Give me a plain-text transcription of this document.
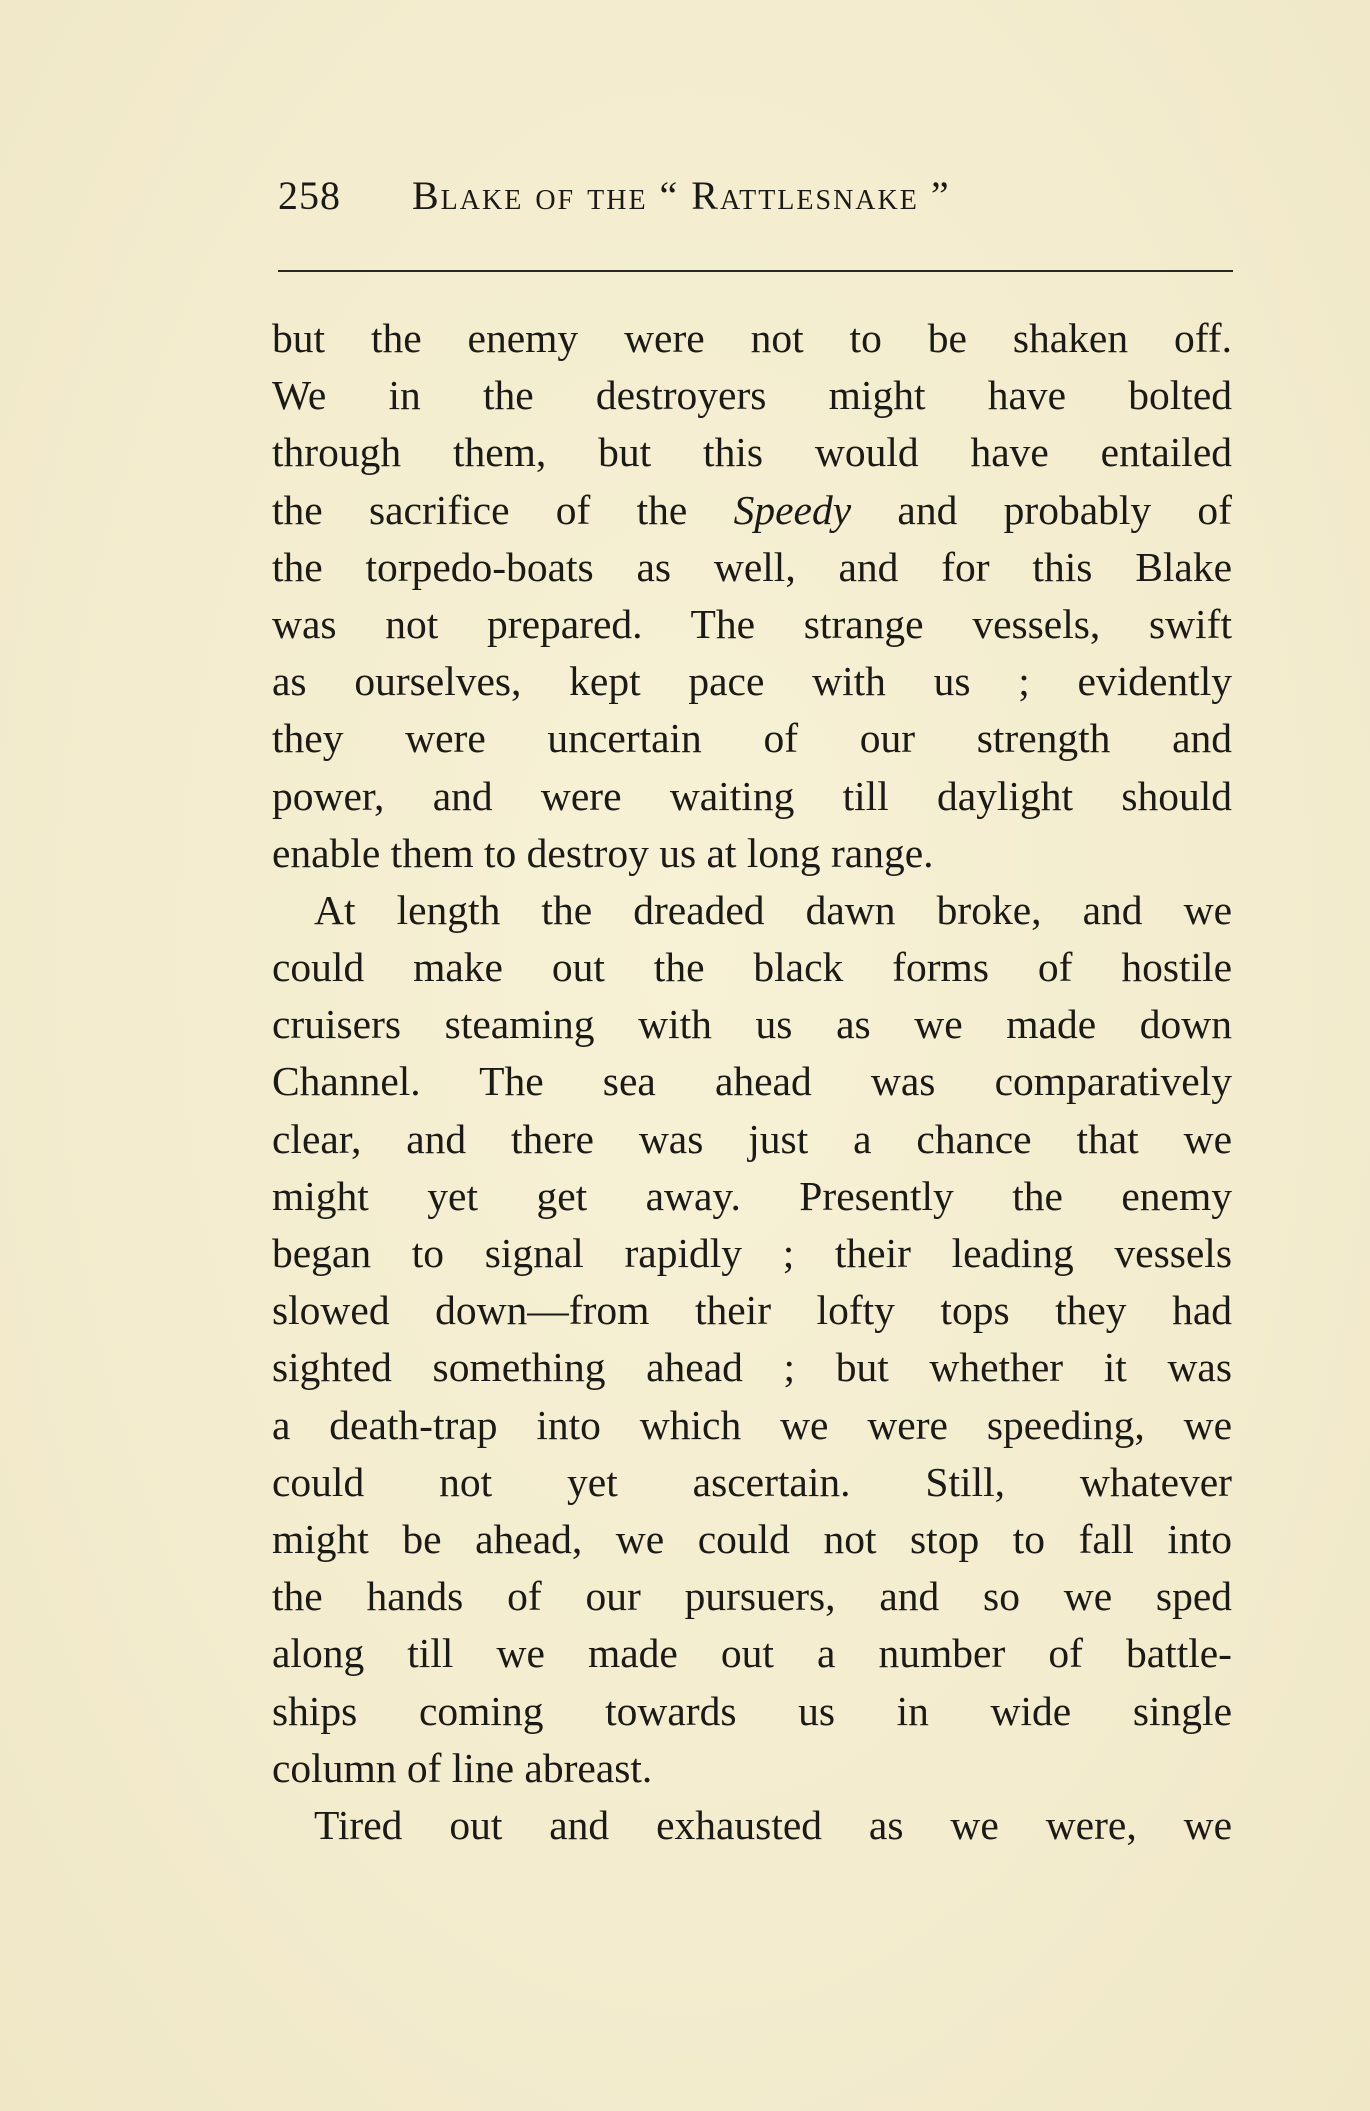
258 Blake of the “ Rattlesnake ”
but the enemy were not to be shaken off.
We in the destroyers might have bolted
through them, but this would have entailed
the sacrifice of the Speedy and probably of
the torpedo-boats as well, and for this Blake
was not prepared. The strange vessels, swift
as ourselves, kept pace with us ; evidently
they were uncertain of our strength and
power, and were waiting till daylight should
enable them to destroy us at long range.
At length the dreaded dawn broke, and we
could make out the black forms of hostile
cruisers steaming with us as we made down
Channel. The sea ahead was comparatively
clear, and there was just a chance that we
might yet get away. Presently the enemy
began to signal rapidly ; their leading vessels
slowed down—from their lofty tops they had
sighted something ahead ; but whether it was
a death-trap into which we were speeding, we
could not yet ascertain. Still, whatever
might be ahead, we could not stop to fall into
the hands of our pursuers, and so we sped
along till we made out a number of battle-
ships coming towards us in wide single
column of line abreast.
Tired out and exhausted as we were, we
